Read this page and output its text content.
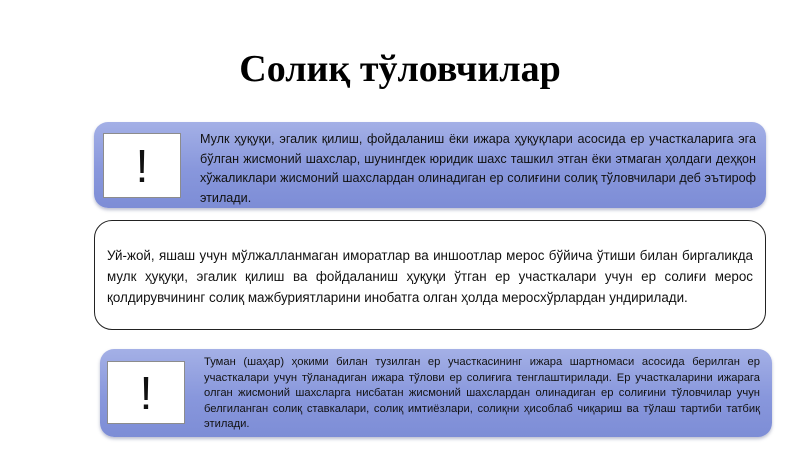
Солиқ тўловчилар
!

Мулк ҳуқуқи, эгалик қилиш, фойдаланиш ёки ижара ҳуқуқлари асосида ер участкаларига эга бўлган жисмоний шахслар, шунингдек юридик шахс ташкил этган ёки этмаган ҳолдаги деҳқон хўжаликлари жисмоний шахслардан олинадиган ер солиғини солиқ тўловчилари деб эътироф этилади.

Уй-жой, яшаш учун мўлжалланмаган иморатлар ва иншоотлар мерос бўйича ўтиши билан биргаликда мулк ҳуқуқи, эгалик қилиш ва фойдаланиш ҳуқуқи ўтган ер участкалари учун ер солиғи мерос қолдирувчининг солиқ мажбуриятларини инобатга олган ҳолда меросхўрлардан ундирилади.

!

Туман (шаҳар) ҳокими билан тузилган ер участкасининг ижара шартномаси асосида берилган ер участкалари учун тўланадиган ижара тўлови ер солиғига тенглаштирилади. Ер участкаларини ижарага олган жисмоний шахсларга нисбатан жисмоний шахслардан олинадиган ер солиғини тўловчилар учун белгиланган солиқ ставкалари, солиқ имтиёзлари, солиқни ҳисоблаб чиқариш ва тўлаш тартиби татбиқ этилади.
